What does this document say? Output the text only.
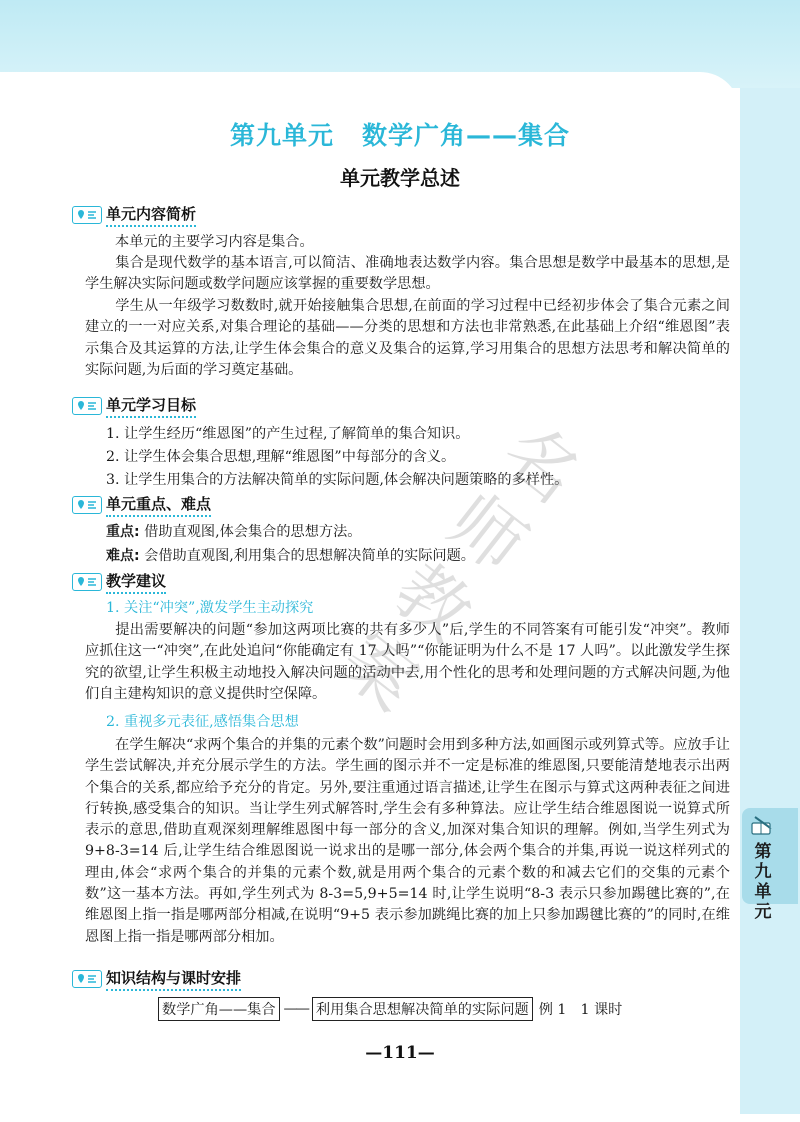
第九单元
第九单元 数学广角——集合
单元教学总述
单元内容简析

本单元的主要学习内容是集合。

集合是现代数学的基本语言,可以简洁、准确地表达数学内容。集合思想是数学中最基本的思想,是学生解决实际问题或数学问题应该掌握的重要数学思想。

学生从一年级学习数数时,就开始接触集合思想,在前面的学习过程中已经初步体会了集合元素之间建立的一一对应关系,对集合理论的基础——分类的思想和方法也非常熟悉,在此基础上介绍“维恩图”表示集合及其运算的方法,让学生体会集合的意义及集合的运算,学习用集合的思想方法思考和解决简单的实际问题,为后面的学习奠定基础。

单元学习目标
1. 让学生经历“维恩图”的产生过程,了解简单的集合知识。
2. 让学生体会集合思想,理解“维恩图”中每部分的含义。
3. 让学生用集合的方法解决简单的实际问题,体会解决问题策略的多样性。
单元重点、难点
重点: 借助直观图,体会集合的思想方法。
难点: 会借助直观图,利用集合的思想解决简单的实际问题。
教学建议
1. 关注“冲突”,激发学生主动探究

提出需要解决的问题“参加这两项比赛的共有多少人”后,学生的不同答案有可能引发“冲突”。教师应抓住这一“冲突”,在此处追问“你能确定有 17 人吗”“你能证明为什么不是 17 人吗”。以此激发学生探究的欲望,让学生积极主动地投入解决问题的活动中去,用个性化的思考和处理问题的方式解决问题,为他们自主建构知识的意义提供时空保障。

2. 重视多元表征,感悟集合思想

在学生解决“求两个集合的并集的元素个数”问题时会用到多种方法,如画图示或列算式等。应放手让学生尝试解决,并充分展示学生的方法。学生画的图示并不一定是标准的维恩图,只要能清楚地表示出两个集合的关系,都应给予充分的肯定。另外,要注重通过语言描述,让学生在图示与算式这两种表征之间进行转换,感受集合的知识。当让学生列式解答时,学生会有多种算法。应让学生结合维恩图说一说算式所表示的意思,借助直观深刻理解维恩图中每一部分的含义,加深对集合知识的理解。例如,当学生列式为 9+8-3=14 后,让学生结合维恩图说一说求出的是哪一部分,体会两个集合的并集,再说一说这样列式的理由,体会“求两个集合的并集的元素个数,就是用两个集合的元素个数的和减去它们的交集的元素个数”这一基本方法。再如,学生列式为 8-3=5,9+5=14 时,让学生说明“8-3 表示只参加踢毽比赛的”,在维恩图上指一指是哪两部分相减,在说明“9+5 表示参加跳绳比赛的加上只参加踢毽比赛的”的同时,在维恩图上指一指是哪两部分相加。

知识结构与课时安排
数学广角——集合 —— 利用集合思想解决简单的实际问题 例 1 1 课时
—111—
名师教案
